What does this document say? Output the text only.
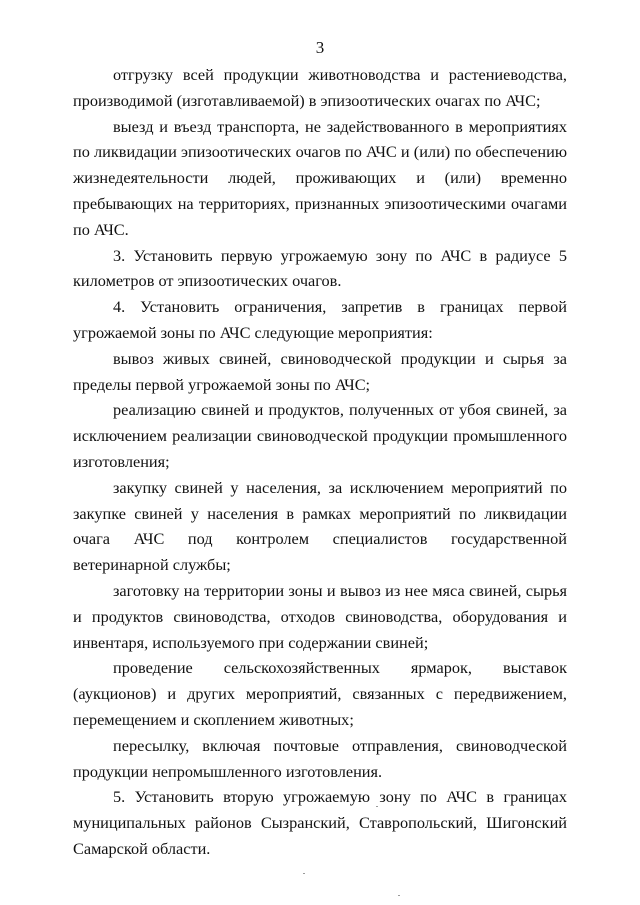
3

отгрузку всей продукции животноводства и растениеводства, производимой (изготавливаемой) в эпизоотических очагах по АЧС;

выезд и въезд транспорта, не задействованного в мероприятиях по ликвидации эпизоотических очагов по АЧС и (или) по обеспечению жизнедеятельности людей, проживающих и (или) временно пребывающих на территориях, признанных эпизоотическими очагами по АЧС.

3. Установить первую угрожаемую зону по АЧС в радиусе 5 километров от эпизоотических очагов.

4. Установить ограничения, запретив в границах первой угрожаемой зоны по АЧС следующие мероприятия:

вывоз живых свиней, свиноводческой продукции и сырья за пределы первой угрожаемой зоны по АЧС;

реализацию свиней и продуктов, полученных от убоя свиней, за исключением реализации свиноводческой продукции промышленного изготовления;

закупку свиней у населения, за исключением мероприятий по закупке свиней у населения в рамках мероприятий по ликвидации очага АЧС под контролем специалистов государственной ветеринарной службы;

заготовку на территории зоны и вывоз из нее мяса свиней, сырья и продуктов свиноводства, отходов свиноводства, оборудования и инвентаря, используемого при содержании свиней;

проведение сельскохозяйственных ярмарок, выставок (аукционов) и других мероприятий, связанных с передвижением, перемещением и скоплением животных;

пересылку, включая почтовые отправления, свиноводческой продукции непромышленного изготовления.

5. Установить вторую угрожаемую зону по АЧС в границах муниципальных районов Сызранский, Ставропольский, Шигонский Самарской области.
